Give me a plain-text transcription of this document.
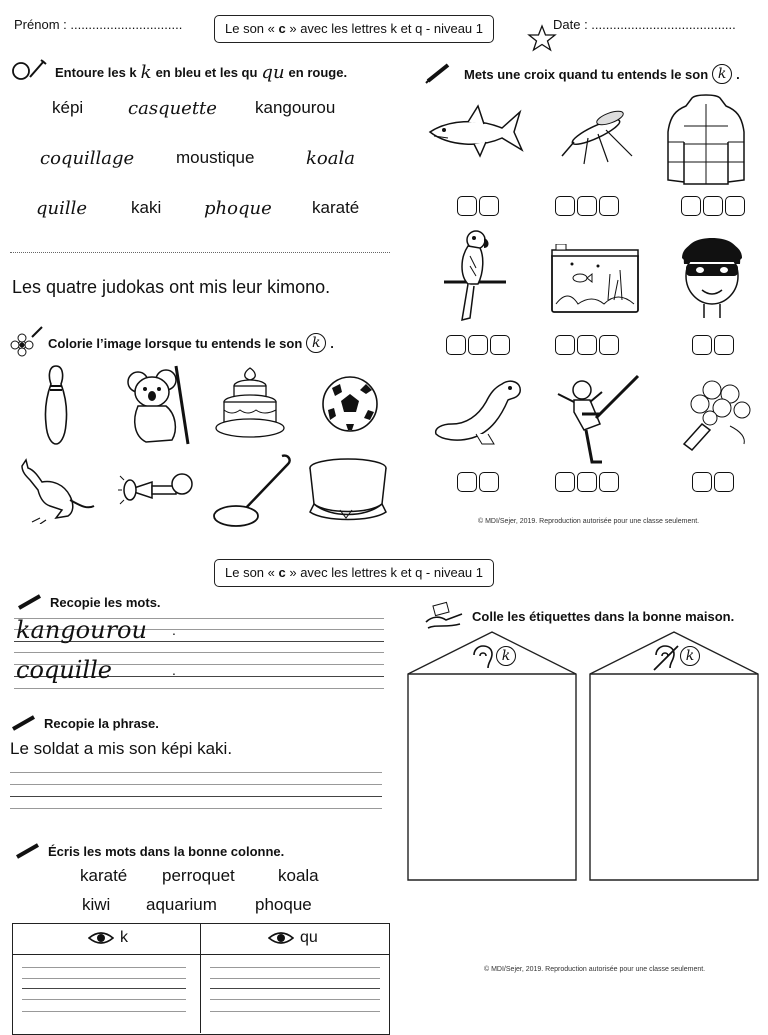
Prénom : ...............................	Le son « c » avec les lettres k et q - niveau 1	Date : ........................................
Entoure les k k en bleu et les qu qu en rouge.
képi casquette kangourou
coquillage moustique	koala
quille	kaki phoque karaté
Les quatre judokas ont mis leur kimono.
Colorie l’image lorsque tu entends le son k .
Mets une croix quand tu entends le son k .
© MDI/Sejer, 2019. Reproduction autorisée pour une classe seulement.
Le son « c » avec les lettres k et q - niveau 1
Recopie les mots.
kangourou .
coquille	.
Recopie la phrase.
Le soldat a mis son képi kaki.
Écris les mots dans la bonne colonne.
karaté perroquet	koala
kiwi aquarium phoque
k	qu
Colle les étiquettes dans la bonne maison.
k	k
© MDI/Sejer, 2019. Reproduction autorisée pour une classe seulement.
